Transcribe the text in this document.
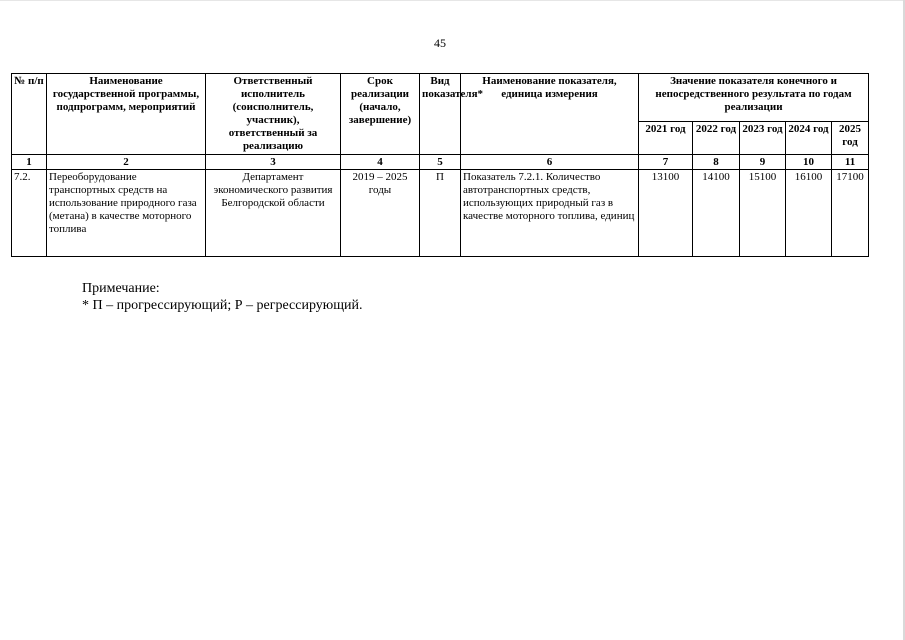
45
№ п/п	Наименование государственной программы, подпрограмм, мероприятий	Ответственный исполнитель (соисполнитель, участник), ответственный за реализацию	Срок реализации (начало, завершение)	Вид показателя*	Наименование показателя, единица измерения	Значение показателя конечного и непосредственного результата по годам реализации				
						2021 год	2022 год	2023 год	2024 год	2025 год
1	2	3	4	5	6	7	8	9	10	11
7.2.	Переоборудование транспортных средств на использование природного газа (метана) в качестве моторного топлива	Департамент экономического развития Белгородской области	2019 – 2025 годы	П	Показатель 7.2.1. Количество автотранспортных средств, использующих природный газ в качестве моторного топлива, единиц	13100	14100	15100	16100	17100
Примечание:
* П – прогрессирующий; Р – регрессирующий.
